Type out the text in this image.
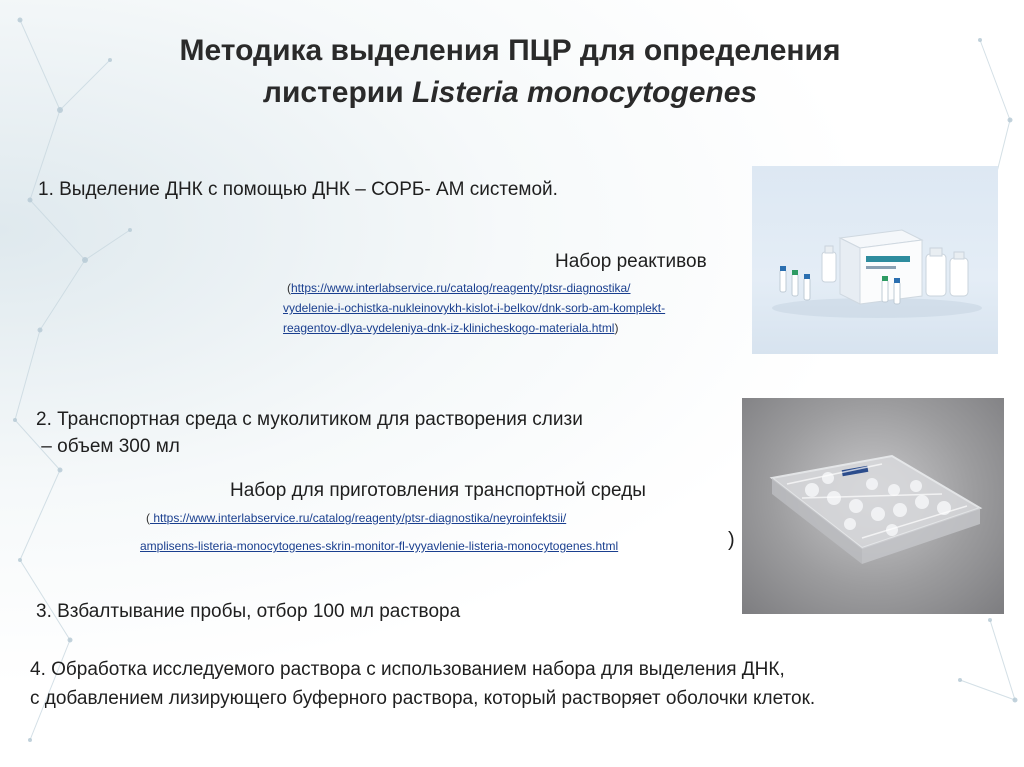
Методика выделения ПЦР для определения
листерии Listeria monocytogenes
1. Выделение ДНК с помощью ДНК – СОРБ- АМ системой.
Набор реактивов
(https://www.interlabservice.ru/catalog/reagenty/ptsr-diagnostika/
vydelenie-i-ochistka-nukleinovykh-kislot-i-belkov/dnk-sorb-am-komplekt-
reagentov-dlya-vydeleniya-dnk-iz-klinicheskogo-materiala.html)
2. Транспортная среда с муколитиком для растворения слизи
– объем 300 мл
Набор для приготовления транспортной среды
( https://www.interlabservice.ru/catalog/reagenty/ptsr-diagnostika/neyroinfektsii/
amplisens-listeria-monocytogenes-skrin-monitor-fl-vyyavlenie-listeria-monocytogenes.html	)
3. Взбалтывание пробы, отбор 100 мл раствора
4. Обработка исследуемого раствора с использованием набора для выделения ДНК,
с добавлением лизирующего буферного раствора, который растворяет оболочки клеток.
